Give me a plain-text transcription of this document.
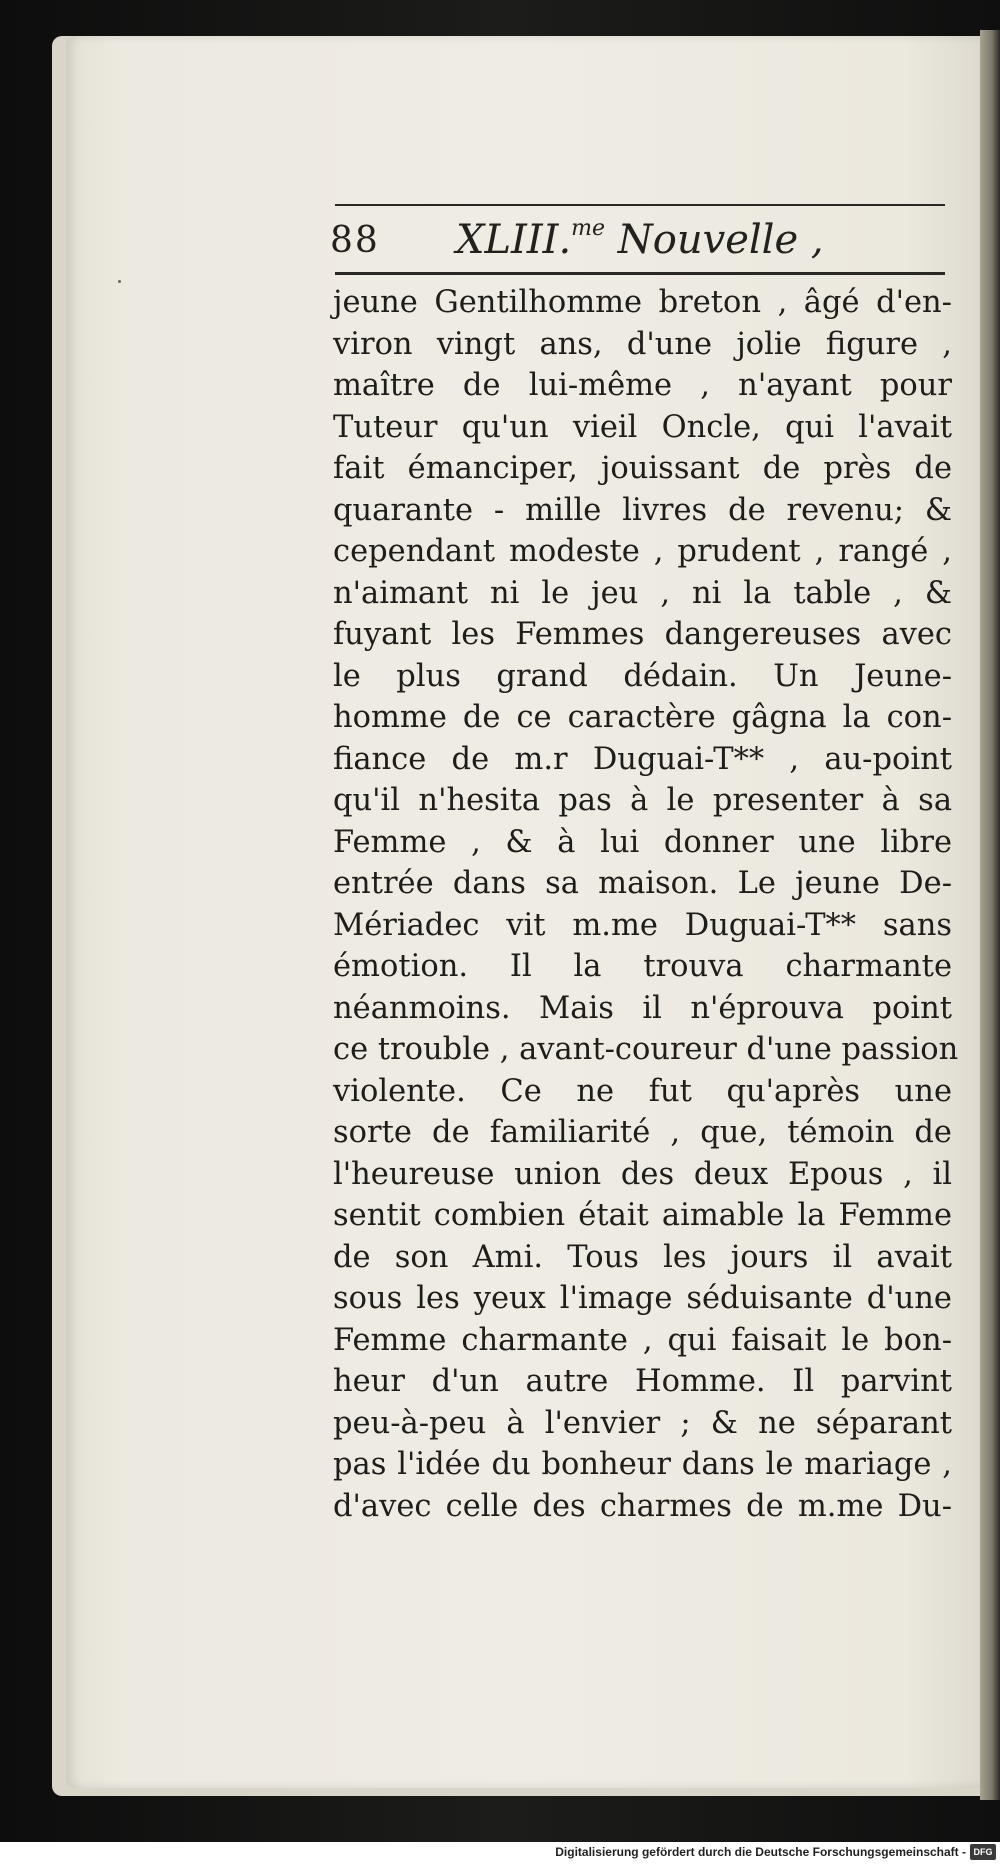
88 XLIII.$^{me}$ Nouvelle ,
jeune Gentilhomme breton , âgé d'en-
viron vingt ans, d'une jolie figure ,
maître de lui-même , n'ayant pour
Tuteur qu'un vieil Oncle, qui l'avait
fait émanciper, jouissant de près de
quarante - mille livres de revenu; &
cependant modeste , prudent , rangé ,
n'aimant ni le jeu , ni la table , &
fuyant les Femmes dangereuses avec
le plus grand dédain. Un Jeune-
homme de ce caractère gâgna la con-
fiance de m.r Duguai-T** , au-point
qu'il n'hesita pas à le presenter à sa
Femme , & à lui donner une libre
entrée dans sa maison. Le jeune De-
Mériadec vit m.me Duguai-T** sans
émotion. Il la trouva charmante
néanmoins. Mais il n'éprouva point
ce trouble , avant-coureur d'une passion
violente. Ce ne fut qu'après une
sorte de familiarité , que, témoin de
l'heureuse union des deux Epous , il
sentit combien était aimable la Femme
de son Ami. Tous les jours il avait
sous les yeux l'image séduisante d'une
Femme charmante , qui faisait le bon-
heur d'un autre Homme. Il parvint
peu-à-peu à l'envier ; & ne séparant
pas l'idée du bonheur dans le mariage ,
d'avec celle des charmes de m.me Du-
Digitalisierung gefördert durch die Deutsche Forschungsgemeinschaft - DFG
